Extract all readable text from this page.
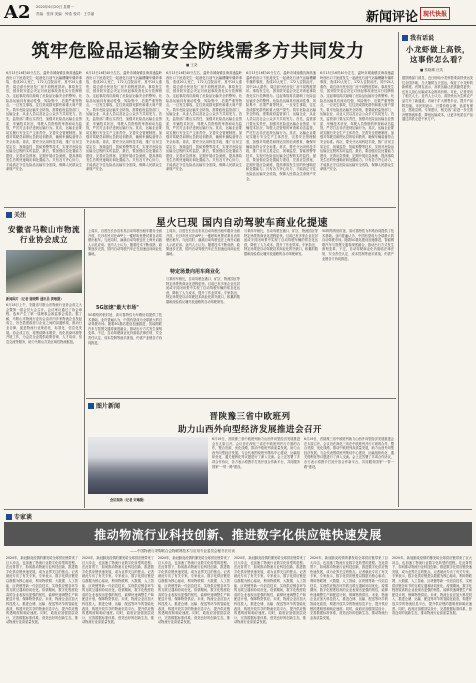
A2 2020年6月20日 星期一
责编：张萍 美编：钟浩 校对：王学丽	新闻评论 现代快报
筑牢危险品运输安全防线需多方共同发力
■ 王尧
6月13日16时40分左右，温岭市城南镇沈海高速温岭西出口下匝道发生一起液化石油气运输槽罐车爆炸事故，造成20人死亡，172人住院治疗，其中24人重伤，周边部分民房及厂房不同程度损坏。事故发生后，国务院安委会决定对该起事故查处实行挂牌督办。这起事故再次敲响了危险品运输安全的警钟。危险品运输具有流动性强、风险集中、后果严重等特点，一旦发生事故，往往造成群死群伤和重大财产损失。筑牢危险品运输安全防线，需要政府监管部门、运输企业、从业人员以及社会公众多方共同发力。首先，监管部门要压实责任，加强对危险品运输企业资质、车辆技术状况、驾驶人员资格的审查和动态监管，严厉打击非法违规运输行为。其次，运输企业要切实履行安全生产主体责任，完善安全管理制度，加强对驾驶员和押运员的培训教育，确保车辆装备符合安全标准。再次，要充分运用科技手段，推广应用卫星定位、视频监控、智能预警等技术，实现对危险品运输全过程的实时监控。最后，要加强应急处置能力建设，完善应急预案，定期开展应急演练，提高事故发生后的快速响应和处置能力。只有各方齐心协力，才能真正守住危险品运输安全底线，保障人民群众生命财产安全。
6月13日16时40分左右，温岭市城南镇沈海高速温岭西出口下匝道发生一起液化石油气运输槽罐车爆炸事故，造成20人死亡，172人住院治疗，其中24人重伤，周边部分民房及厂房不同程度损坏。事故发生后，国务院安委会决定对该起事故查处实行挂牌督办。这起事故再次敲响了危险品运输安全的警钟。危险品运输具有流动性强、风险集中、后果严重等特点，一旦发生事故，往往造成群死群伤和重大财产损失。筑牢危险品运输安全防线，需要政府监管部门、运输企业、从业人员以及社会公众多方共同发力。首先，监管部门要压实责任，加强对危险品运输企业资质、车辆技术状况、驾驶人员资格的审查和动态监管，严厉打击非法违规运输行为。其次，运输企业要切实履行安全生产主体责任，完善安全管理制度，加强对驾驶员和押运员的培训教育，确保车辆装备符合安全标准。再次，要充分运用科技手段，推广应用卫星定位、视频监控、智能预警等技术，实现对危险品运输全过程的实时监控。最后，要加强应急处置能力建设，完善应急预案，定期开展应急演练，提高事故发生后的快速响应和处置能力。只有各方齐心协力，才能真正守住危险品运输安全底线，保障人民群众生命财产安全。
6月13日16时40分左右，温岭市城南镇沈海高速温岭西出口下匝道发生一起液化石油气运输槽罐车爆炸事故，造成20人死亡，172人住院治疗，其中24人重伤，周边部分民房及厂房不同程度损坏。事故发生后，国务院安委会决定对该起事故查处实行挂牌督办。这起事故再次敲响了危险品运输安全的警钟。危险品运输具有流动性强、风险集中、后果严重等特点，一旦发生事故，往往造成群死群伤和重大财产损失。筑牢危险品运输安全防线，需要政府监管部门、运输企业、从业人员以及社会公众多方共同发力。首先，监管部门要压实责任，加强对危险品运输企业资质、车辆技术状况、驾驶人员资格的审查和动态监管，严厉打击非法违规运输行为。其次，运输企业要切实履行安全生产主体责任，完善安全管理制度，加强对驾驶员和押运员的培训教育，确保车辆装备符合安全标准。再次，要充分运用科技手段，推广应用卫星定位、视频监控、智能预警等技术，实现对危险品运输全过程的实时监控。最后，要加强应急处置能力建设，完善应急预案，定期开展应急演练，提高事故发生后的快速响应和处置能力。只有各方齐心协力，才能真正守住危险品运输安全底线，保障人民群众生命财产安全。
6月13日16时40分左右，温岭市城南镇沈海高速温岭西出口下匝道发生一起液化石油气运输槽罐车爆炸事故，造成20人死亡，172人住院治疗，其中24人重伤，周边部分民房及厂房不同程度损坏。事故发生后，国务院安委会决定对该起事故查处实行挂牌督办。这起事故再次敲响了危险品运输安全的警钟。危险品运输具有流动性强、风险集中、后果严重等特点，一旦发生事故，往往造成群死群伤和重大财产损失。筑牢危险品运输安全防线，需要政府监管部门、运输企业、从业人员以及社会公众多方共同发力。首先，监管部门要压实责任，加强对危险品运输企业资质、车辆技术状况、驾驶人员资格的审查和动态监管，严厉打击非法违规运输行为。其次，运输企业要切实履行安全生产主体责任，完善安全管理制度，加强对驾驶员和押运员的培训教育，确保车辆装备符合安全标准。再次，要充分运用科技手段，推广应用卫星定位、视频监控、智能预警等技术，实现对危险品运输全过程的实时监控。最后，要加强应急处置能力建设，完善应急预案，定期开展应急演练，提高事故发生后的快速响应和处置能力。只有各方齐心协力，才能真正守住危险品运输安全底线，保障人民群众生命财产安全。
6月13日16时40分左右，温岭市城南镇沈海高速温岭西出口下匝道发生一起液化石油气运输槽罐车爆炸事故，造成20人死亡，172人住院治疗，其中24人重伤，周边部分民房及厂房不同程度损坏。事故发生后，国务院安委会决定对该起事故查处实行挂牌督办。这起事故再次敲响了危险品运输安全的警钟。危险品运输具有流动性强、风险集中、后果严重等特点，一旦发生事故，往往造成群死群伤和重大财产损失。筑牢危险品运输安全防线，需要政府监管部门、运输企业、从业人员以及社会公众多方共同发力。首先，监管部门要压实责任，加强对危险品运输企业资质、车辆技术状况、驾驶人员资格的审查和动态监管，严厉打击非法违规运输行为。其次，运输企业要切实履行安全生产主体责任，完善安全管理制度，加强对驾驶员和押运员的培训教育，确保车辆装备符合安全标准。再次，要充分运用科技手段，推广应用卫星定位、视频监控、智能预警等技术，实现对危险品运输全过程的实时监控。最后，要加强应急处置能力建设，完善应急预案，定期开展应急演练，提高事故发生后的快速响应和处置能力。只有各方齐心协力，才能真正守住危险品运输安全底线，保障人民群众生命财产安全。
我有话说
小龙虾做上高铁，这事你怎么看？
■ 蔡晓琳 汪英
据铁路部门消息，近日盱眙小龙虾搭乘高铁快运发往全国多地，当天捕捞当天送达，保证了小龙虾的新鲜度。有网友表示，高铁运输让美食跑得更快；也有人担心运输成本会推高价格。对此，记者采访了相关人士。业内人士认为，高铁快运为生鲜农产品打开了新通道，有助于扩大销售半径，提升产品附加值。市民则表示，只要价格合理、品质有保证，愿意尝鲜。专家建议，相关部门应进一步完善冷链物流体系，降低运输成本，让更多优质农产品通过高铁走进千家万户。
关注
安徽省马鞍山市物流行业协会成立
新闻图片（记者 谢晓辉 通讯员 黄敏摄）
6月18日上午，安徽省马鞍山市物流行业协会成立大会暨第一届会员大会召开。会议审议通过了协会章程，选举产生了第一届理事会和监事会成员。据了解，马鞍山市物流行业协会由市内多家物流企业发起成立，旨在搭建政府与企业之间的沟通桥梁，推动行业自律，促进物流行业规范化、标准化、信息化发展。协会成立后，将围绕降本增效、优化营商环境等开展工作，为会员企业提供政策咨询、人才培训、信息交流等服务，助力马鞍山打造区域性物流枢纽。
星火已现 国内自动驾驶车商业化提速
上周末，百度在长沙宣布其自动驾驶出租车服务全面开放，长沙市民可在APP上一键呼叫免费试乘自动驾驶出租车。与此同时，滴滴自动驾驶也在上海开启载人示范应用。业内人士认为，随着技术不断成熟、政策逐步完善，国内自动驾驶汽车正在加速迈向商业化落地。
5G加速"最大市场"
5G网络的低时延、高可靠特性为车路协同提供了技术基础。业内普遍认为，中国有望成为全球最大的自动驾驶市场。随着5G基站建设加速推进，智能网联汽车与智慧交通将深度融合，推动出行方式发生深刻变革。不过，自动驾驶商业化仍面临法律法规、安全责任认定、成本控制等诸多挑战，仍需产业链各方协同推进。
上周末，百度在长沙宣布其自动驾驶出租车服务全面开放，长沙市民可在APP上一键呼叫免费试乘自动驾驶出租车。与此同时，滴滴自动驾驶也在上海开启载人示范应用。业内人士认为，随着技术不断成熟、政策逐步完善，国内自动驾驶汽车正在加速迈向商业化落地。
特定场景向用车商业化
与乘用车相比，自动驾驶在港口、矿区、物流园区等特定场景的商业化进程更快。目前已有多家企业在封闭或半封闭场景中实现了自动驾驶车辆的常态化运营，降低了人力成本，提升了作业效率。专家指出，特定场景是自动驾驶技术商业化的突破口，积累的数据和经验将反哺开放道路的自动驾驶研发。
与乘用车相比，自动驾驶在港口、矿区、物流园区等特定场景的商业化进程更快。目前已有多家企业在封闭或半封闭场景中实现了自动驾驶车辆的常态化运营，降低了人力成本，提升了作业效率。专家指出，特定场景是自动驾驶技术商业化的突破口，积累的数据和经验将反哺开放道路的自动驾驶研发。
5G网络的低时延、高可靠特性为车路协同提供了技术基础。业内普遍认为，中国有望成为全球最大的自动驾驶市场。随着5G基站建设加速推进，智能网联汽车与智慧交通将深度融合，推动出行方式发生深刻变革。不过，自动驾驶商业化仍面临法律法规、安全责任认定、成本控制等诸多挑战，仍需产业链各方协同推进。
图片新闻
晋陕豫三省中欧班列
助力山西外向型经济发展推进会召开
会议现场（记者 宋琳摄）
6月19日，晋陕豫三省中欧班列助力山西外向型经济发展推进会在太原召开。会议旨在深化三省在中欧班列开行方面的合作，整合货源、优化线路，推动中欧班列高质量发展，助力山西外向型经济发展。与会代表围绕班列集结中心建设、运输组织优化、通关便利化等议题进行了深入交流。会上还签署了多项合作协议，各方表示将携手打造开放合作新平台，共同服务国家"一带一路"建设。
6月19日，晋陕豫三省中欧班列助力山西外向型经济发展推进会在太原召开。会议旨在深化三省在中欧班列开行方面的合作，整合货源、优化线路，推动中欧班列高质量发展，助力山西外向型经济发展。与会代表围绕班列集结中心建设、运输组织优化、通关便利化等议题进行了深入交流。会上还签署了多项合作协议，各方表示将携手打造开放合作新平台，共同服务国家"一带一路"建设。
专家谈
推动物流行业科技创新、推进数字化供应链快速发展
——中国物流与采购联合会物联网技术与应用专业委员会秘书长访谈
2020年，新冠肺炎疫情的暴发给全球供应链带来了巨大冲击，也加速了物流行业数字化转型的进程。在此背景下，如何推动物流行业科技创新，推进数字化供应链快速发展，成为业界关注的焦点。记者就此专访了有关专家。专家表示，数字化供应链是以数据为核心驱动，利用物联网、大数据、人工智能、区块链等新一代信息技术，实现供应链各环节的互联互通和协同优化。疫情期间，数字化程度较高的企业表现出更强的韧性，能够快速调整生产和配送计划，保障物资供应。未来，物流企业应加大科技投入，推进仓储、运输、配送等环节的智能化改造，构建开放共享的物流信息平台，提升供应链的透明度和响应速度。同时，政府应加强顶层设计，完善数据标准体系，营造良好的创新生态，推动物流行业高质量发展。
2020年，新冠肺炎疫情的暴发给全球供应链带来了巨大冲击，也加速了物流行业数字化转型的进程。在此背景下，如何推动物流行业科技创新，推进数字化供应链快速发展，成为业界关注的焦点。记者就此专访了有关专家。专家表示，数字化供应链是以数据为核心驱动，利用物联网、大数据、人工智能、区块链等新一代信息技术，实现供应链各环节的互联互通和协同优化。疫情期间，数字化程度较高的企业表现出更强的韧性，能够快速调整生产和配送计划，保障物资供应。未来，物流企业应加大科技投入，推进仓储、运输、配送等环节的智能化改造，构建开放共享的物流信息平台，提升供应链的透明度和响应速度。同时，政府应加强顶层设计，完善数据标准体系，营造良好的创新生态，推动物流行业高质量发展。
2020年，新冠肺炎疫情的暴发给全球供应链带来了巨大冲击，也加速了物流行业数字化转型的进程。在此背景下，如何推动物流行业科技创新，推进数字化供应链快速发展，成为业界关注的焦点。记者就此专访了有关专家。专家表示，数字化供应链是以数据为核心驱动，利用物联网、大数据、人工智能、区块链等新一代信息技术，实现供应链各环节的互联互通和协同优化。疫情期间，数字化程度较高的企业表现出更强的韧性，能够快速调整生产和配送计划，保障物资供应。未来，物流企业应加大科技投入，推进仓储、运输、配送等环节的智能化改造，构建开放共享的物流信息平台，提升供应链的透明度和响应速度。同时，政府应加强顶层设计，完善数据标准体系，营造良好的创新生态，推动物流行业高质量发展。
2020年，新冠肺炎疫情的暴发给全球供应链带来了巨大冲击，也加速了物流行业数字化转型的进程。在此背景下，如何推动物流行业科技创新，推进数字化供应链快速发展，成为业界关注的焦点。记者就此专访了有关专家。专家表示，数字化供应链是以数据为核心驱动，利用物联网、大数据、人工智能、区块链等新一代信息技术，实现供应链各环节的互联互通和协同优化。疫情期间，数字化程度较高的企业表现出更强的韧性，能够快速调整生产和配送计划，保障物资供应。未来，物流企业应加大科技投入，推进仓储、运输、配送等环节的智能化改造，构建开放共享的物流信息平台，提升供应链的透明度和响应速度。同时，政府应加强顶层设计，完善数据标准体系，营造良好的创新生态，推动物流行业高质量发展。
2020年，新冠肺炎疫情的暴发给全球供应链带来了巨大冲击，也加速了物流行业数字化转型的进程。在此背景下，如何推动物流行业科技创新，推进数字化供应链快速发展，成为业界关注的焦点。记者就此专访了有关专家。专家表示，数字化供应链是以数据为核心驱动，利用物联网、大数据、人工智能、区块链等新一代信息技术，实现供应链各环节的互联互通和协同优化。疫情期间，数字化程度较高的企业表现出更强的韧性，能够快速调整生产和配送计划，保障物资供应。未来，物流企业应加大科技投入，推进仓储、运输、配送等环节的智能化改造，构建开放共享的物流信息平台，提升供应链的透明度和响应速度。同时，政府应加强顶层设计，完善数据标准体系，营造良好的创新生态，推动物流行业高质量发展。
2020年，新冠肺炎疫情的暴发给全球供应链带来了巨大冲击，也加速了物流行业数字化转型的进程。在此背景下，如何推动物流行业科技创新，推进数字化供应链快速发展，成为业界关注的焦点。记者就此专访了有关专家。专家表示，数字化供应链是以数据为核心驱动，利用物联网、大数据、人工智能、区块链等新一代信息技术，实现供应链各环节的互联互通和协同优化。疫情期间，数字化程度较高的企业表现出更强的韧性，能够快速调整生产和配送计划，保障物资供应。未来，物流企业应加大科技投入，推进仓储、运输、配送等环节的智能化改造，构建开放共享的物流信息平台，提升供应链的透明度和响应速度。同时，政府应加强顶层设计，完善数据标准体系，营造良好的创新生态，推动物流行业高质量发展。
